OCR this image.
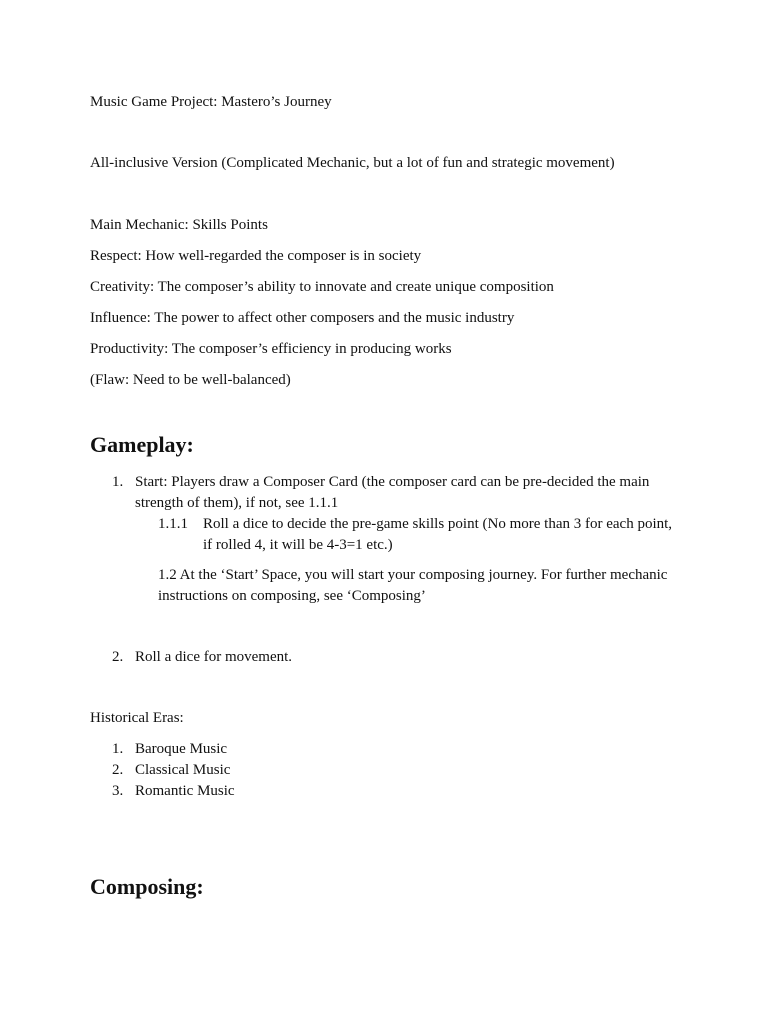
Music Game Project: Mastero’s Journey
All-inclusive Version (Complicated Mechanic, but a lot of fun and strategic movement)
Main Mechanic: Skills Points
Respect: How well-regarded the composer is in society
Creativity: The composer’s ability to innovate and create unique composition
Influence: The power to affect other composers and the music industry
Productivity: The composer’s efficiency in producing works
(Flaw: Need to be well-balanced)
Gameplay:
1. Start: Players draw a Composer Card (the composer card can be pre-decided the main
strength of them), if not, see 1.1.1
1.1.1 Roll a dice to decide the pre-game skills point (No more than 3 for each point,
if rolled 4, it will be 4-3=1 etc.)
1.2 At the ‘Start’ Space, you will start your composing journey. For further mechanic
instructions on composing, see ‘Composing’
2. Roll a dice for movement.
Historical Eras:
1. Baroque Music
2. Classical Music
3. Romantic Music
Composing:
